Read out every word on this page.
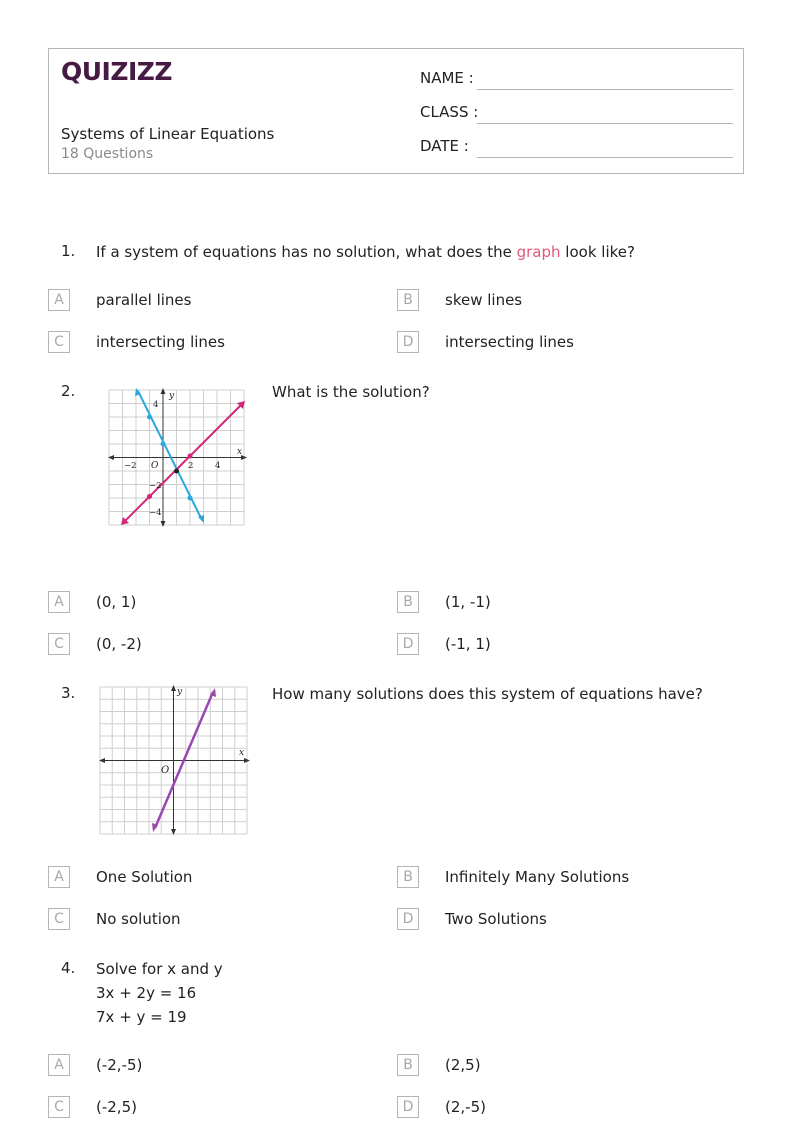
QUIZIZZ
Systems of Linear Equations
18 Questions
NAME :
CLASS :
DATE :
1. If a system of equations has no solution, what does the graph look like?
A	parallel lines	B	skew lines
C	intersecting lines	D	intersecting lines
2.	y
x
O
−2	2	4
4
−2
−4
What is the solution?
A	(0, 1)	B	(1, -1)
C	(0, -2)	D	(-1, 1)
3.	y
x
O
How many solutions does this system of equations have?
A	One Solution	B	Infinitely Many Solutions
C	No solution	D	Two Solutions
4. Solve for x and y
3x + 2y = 16
7x + y = 19
A	(-2,-5)	B	(2,5)
C	(-2,5)	D	(2,-5)
